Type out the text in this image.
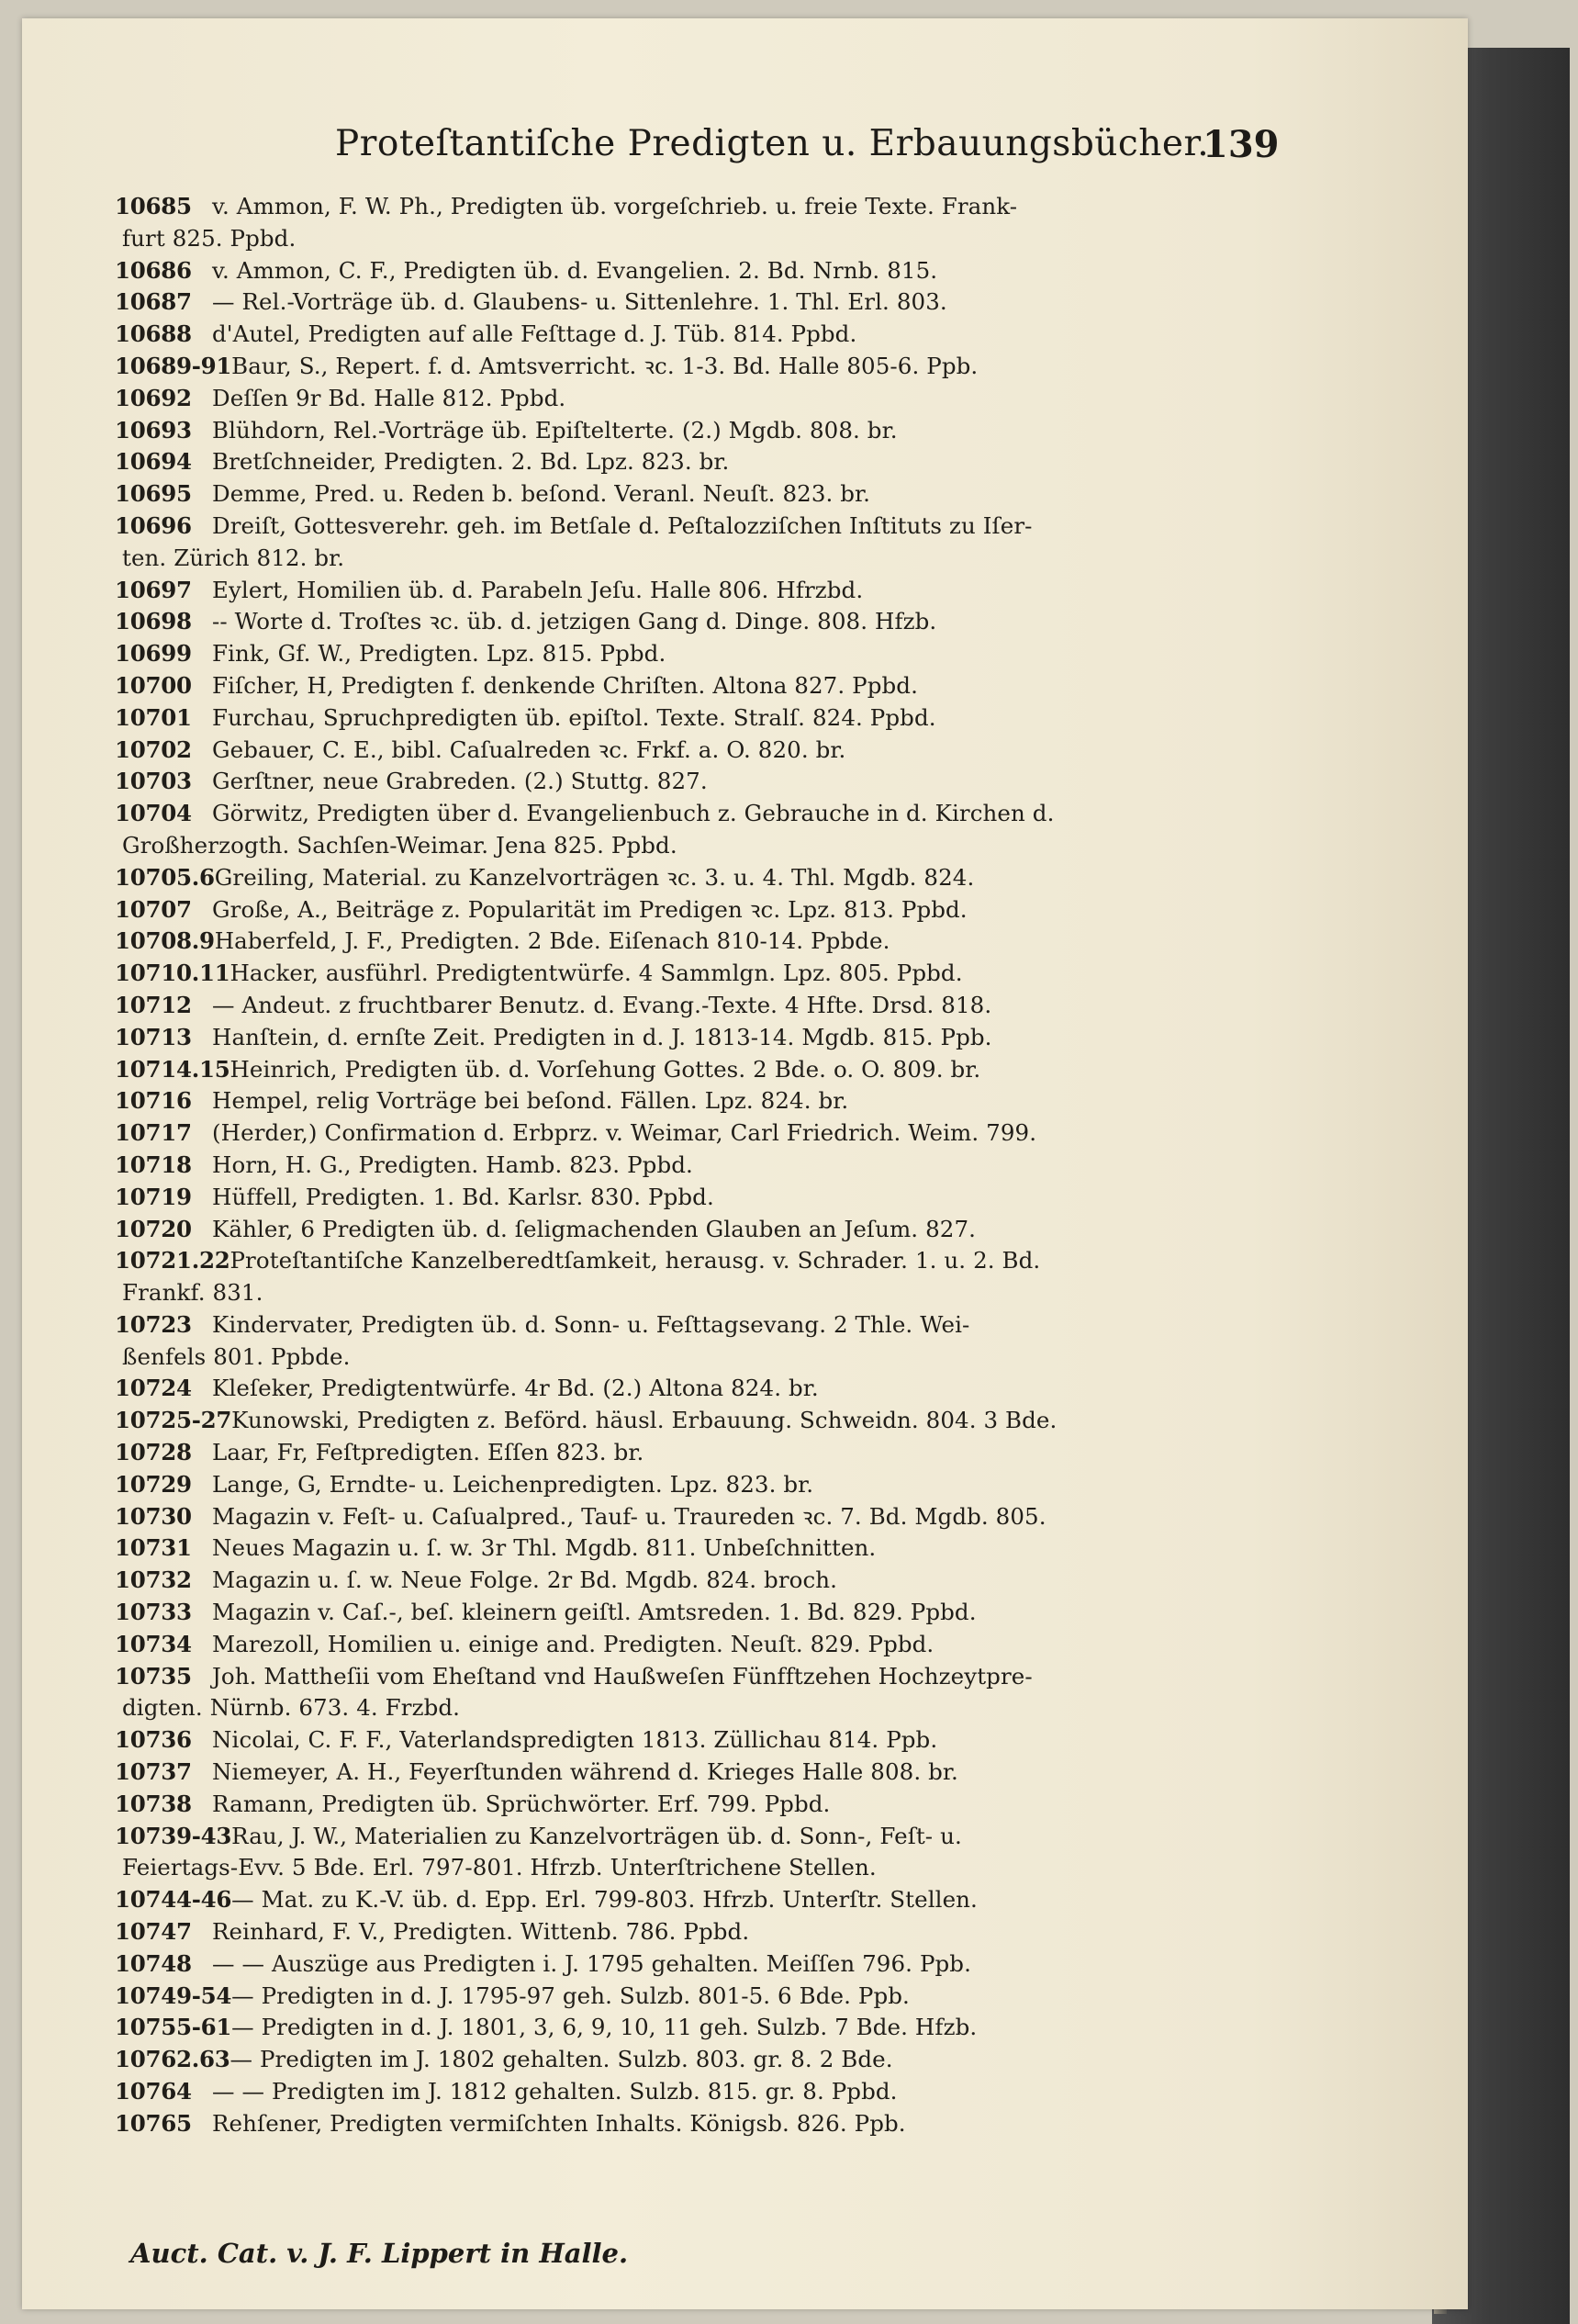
Proteſtantiſche Predigten u. Erbauungsbücher.
139
10685 v. Ammon, F. W. Ph., Predigten üb. vorgeſchrieb. u. freie Texte. Frank-
furt 825. Ppbd.
10686 v. Ammon, C. F., Predigten üb. d. Evangelien. 2. Bd. Nrnb. 815.
10687 — Rel.-Vorträge üb. d. Glaubens- u. Sittenlehre. 1. Thl. Erl. 803.
10688 d'Autel, Predigten auf alle Feſttage d. J. Tüb. 814. Ppbd.
10689-91Baur, S., Repert. f. d. Amtsverricht. ꝛc. 1-3. Bd. Halle 805-6. Ppb.
10692 Deſſen 9r Bd. Halle 812. Ppbd.
10693 Blühdorn, Rel.-Vorträge üb. Epiſtelterte. (2.) Mgdb. 808. br.
10694 Bretſchneider, Predigten. 2. Bd. Lpz. 823. br.
10695 Demme, Pred. u. Reden b. beſond. Veranl. Neuſt. 823. br.
10696 Dreiſt, Gottesverehr. geh. im Betſale d. Peſtalozziſchen Inſtituts zu Iſer-
ten. Zürich 812. br.
10697 Eylert, Homilien üb. d. Parabeln Jeſu. Halle 806. Hfrzbd.
10698 -- Worte d. Troſtes ꝛc. üb. d. jetzigen Gang d. Dinge. 808. Hfzb.
10699 Fink, Gf. W., Predigten. Lpz. 815. Ppbd.
10700 Fiſcher, H, Predigten f. denkende Chriſten. Altona 827. Ppbd.
10701 Furchau, Spruchpredigten üb. epiſtol. Texte. Stralſ. 824. Ppbd.
10702 Gebauer, C. E., bibl. Caſualreden ꝛc. Frkf. a. O. 820. br.
10703 Gerſtner, neue Grabreden. (2.) Stuttg. 827.
10704 Görwitz, Predigten über d. Evangelienbuch z. Gebrauche in d. Kirchen d.
Großherzogth. Sachſen-Weimar. Jena 825. Ppbd.
10705.6Greiling, Material. zu Kanzelvorträgen ꝛc. 3. u. 4. Thl. Mgdb. 824.
10707 Große, A., Beiträge z. Popularität im Predigen ꝛc. Lpz. 813. Ppbd.
10708.9Haberfeld, J. F., Predigten. 2 Bde. Eiſenach 810-14. Ppbde.
10710.11Hacker, ausführl. Predigtentwürfe. 4 Sammlgn. Lpz. 805. Ppbd.
10712 — Andeut. z fruchtbarer Benutz. d. Evang.-Texte. 4 Hfte. Drsd. 818.
10713 Hanſtein, d. ernſte Zeit. Predigten in d. J. 1813-14. Mgdb. 815. Ppb.
10714.15Heinrich, Predigten üb. d. Vorſehung Gottes. 2 Bde. o. O. 809. br.
10716 Hempel, relig Vorträge bei beſond. Fällen. Lpz. 824. br.
10717 (Herder,) Confirmation d. Erbprz. v. Weimar, Carl Friedrich. Weim. 799.
10718 Horn, H. G., Predigten. Hamb. 823. Ppbd.
10719 Hüffell, Predigten. 1. Bd. Karlsr. 830. Ppbd.
10720 Kähler, 6 Predigten üb. d. ſeligmachenden Glauben an Jeſum. 827.
10721.22Proteſtantiſche Kanzelberedtſamkeit, herausg. v. Schrader. 1. u. 2. Bd.
Frankf. 831.
10723 Kindervater, Predigten üb. d. Sonn- u. Feſttagsevang. 2 Thle. Wei-
ßenfels 801. Ppbde.
10724 Kleſeker, Predigtentwürfe. 4r Bd. (2.) Altona 824. br.
10725-27Kunowski, Predigten z. Beförd. häusl. Erbauung. Schweidn. 804. 3 Bde.
10728 Laar, Fr, Feſtpredigten. Eſſen 823. br.
10729 Lange, G, Erndte- u. Leichenpredigten. Lpz. 823. br.
10730 Magazin v. Feſt- u. Caſualpred., Tauf- u. Traureden ꝛc. 7. Bd. Mgdb. 805.
10731 Neues Magazin u. ſ. w. 3r Thl. Mgdb. 811. Unbeſchnitten.
10732 Magazin u. ſ. w. Neue Folge. 2r Bd. Mgdb. 824. broch.
10733 Magazin v. Caſ.-, beſ. kleinern geiſtl. Amtsreden. 1. Bd. 829. Ppbd.
10734 Marezoll, Homilien u. einige and. Predigten. Neuſt. 829. Ppbd.
10735 Joh. Mattheſii vom Eheſtand vnd Haußweſen Fünfftzehen Hochzeytpre-
digten. Nürnb. 673. 4. Frzbd.
10736 Nicolai, C. F. F., Vaterlandspredigten 1813. Züllichau 814. Ppb.
10737 Niemeyer, A. H., Feyerſtunden während d. Krieges Halle 808. br.
10738 Ramann, Predigten üb. Sprüchwörter. Erf. 799. Ppbd.
10739-43Rau, J. W., Materialien zu Kanzelvorträgen üb. d. Sonn-, Feſt- u.
Feiertags-Evv. 5 Bde. Erl. 797-801. Hfrzb. Unterſtrichene Stellen.
10744-46— Mat. zu K.-V. üb. d. Epp. Erl. 799-803. Hfrzb. Unterſtr. Stellen.
10747 Reinhard, F. V., Predigten. Wittenb. 786. Ppbd.
10748 — — Auszüge aus Predigten i. J. 1795 gehalten. Meiſſen 796. Ppb.
10749-54— Predigten in d. J. 1795-97 geh. Sulzb. 801-5. 6 Bde. Ppb.
10755-61— Predigten in d. J. 1801, 3, 6, 9, 10, 11 geh. Sulzb. 7 Bde. Hfzb.
10762.63— Predigten im J. 1802 gehalten. Sulzb. 803. gr. 8. 2 Bde.
10764 — — Predigten im J. 1812 gehalten. Sulzb. 815. gr. 8. Ppbd.
10765 Rehſener, Predigten vermiſchten Inhalts. Königsb. 826. Ppb.
Auct. Cat. v. J. F. Lippert in Halle.
